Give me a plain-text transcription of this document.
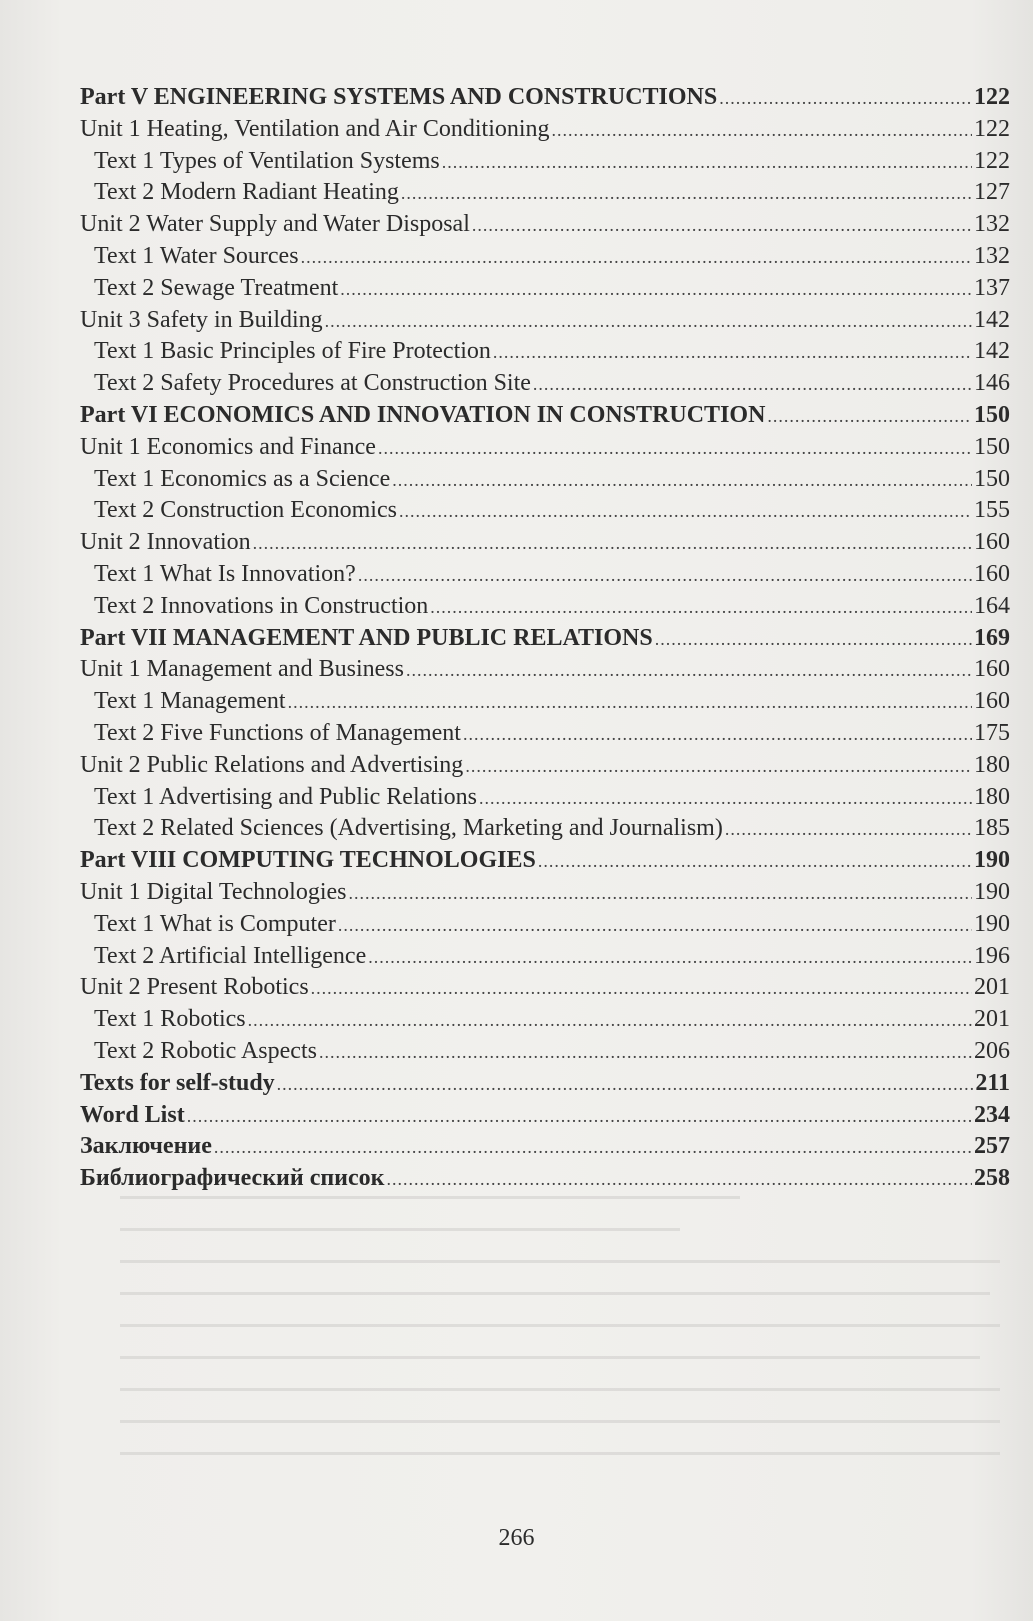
Part V ENGINEERING SYSTEMS AND CONSTRUCTIONS .....	122
Unit 1 Heating, Ventilation and Air Conditioning .....	122
Text 1 Types of Ventilation Systems .....	122
Text 2 Modern Radiant Heating .....	127
Unit 2 Water Supply and Water Disposal .....	132
Text 1 Water Sources .....	132
Text 2 Sewage Treatment .....	137
Unit 3 Safety in Building .....	142
Text 1 Basic Principles of Fire Protection .....	142
Text 2 Safety Procedures at Construction Site .....	146
Part VI ECONOMICS AND INNOVATION IN CONSTRUCTION .....	150
Unit 1 Economics and Finance .....	150
Text 1 Economics as a Science .....	150
Text 2 Construction Economics .....	155
Unit 2 Innovation .....	160
Text 1 What Is Innovation? .....	160
Text 2 Innovations in Construction .....	164
Part VII MANAGEMENT AND PUBLIC RELATIONS .....	169
Unit 1 Management and Business .....	160
Text 1 Management .....	160
Text 2 Five Functions of Management .....	175
Unit 2 Public Relations and Advertising .....	180
Text 1 Advertising and Public Relations .....	180
Text 2 Related Sciences (Advertising, Marketing and Journalism) .....	185
Part VIII COMPUTING TECHNOLOGIES .....	190
Unit 1 Digital Technologies .....	190
Text 1 What is Computer .....	190
Text 2 Artificial Intelligence .....	196
Unit 2 Present Robotics .....	201
Text 1 Robotics .....	201
Text 2 Robotic Aspects .....	206
Texts for self-study .....	211
Word List .....	234
Заключение .....	257
Библиографический список .....	258
266
